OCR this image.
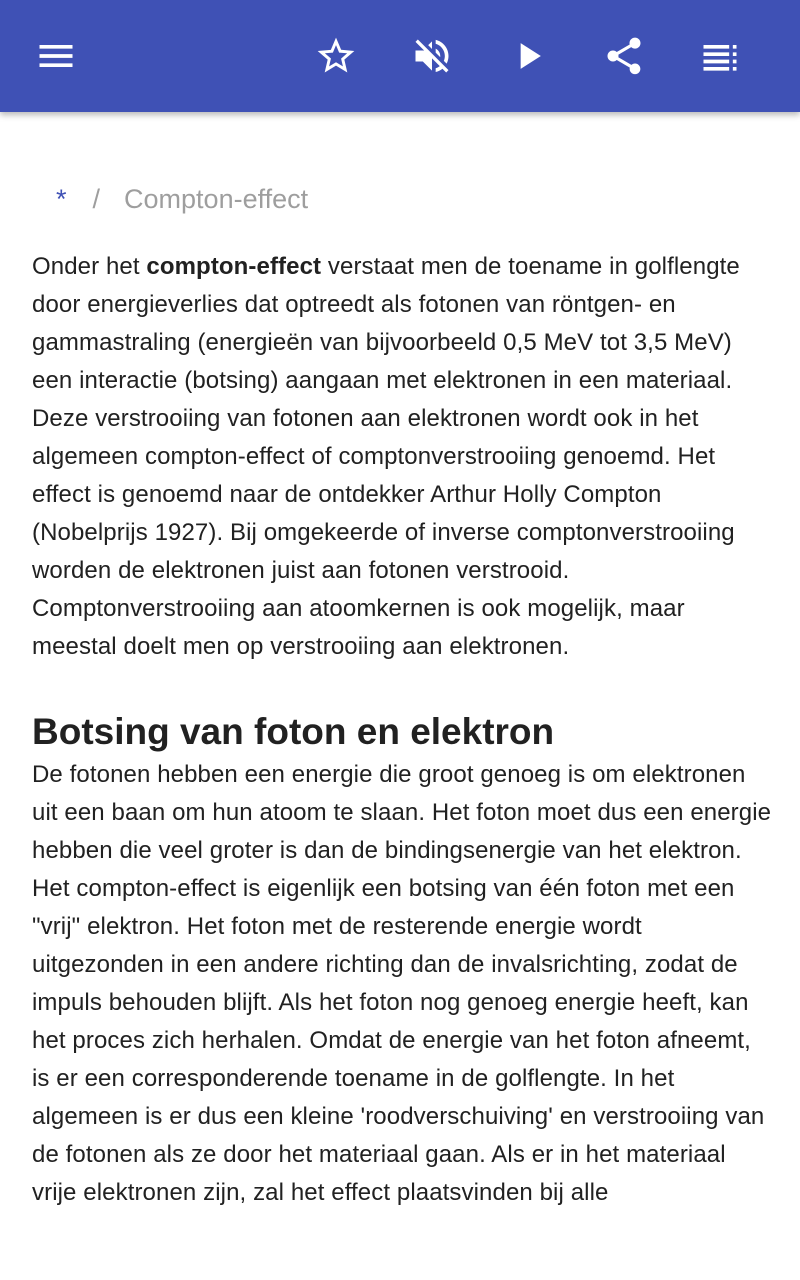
* / Compton-effect

Onder het compton-effect verstaat men de toename in golflengte door energieverlies dat optreedt als fotonen van röntgen- en gammastraling (energieën van bijvoorbeeld 0,5 MeV tot 3,5 MeV) een interactie (botsing) aangaan met elektronen in een materiaal. Deze verstrooiing van fotonen aan elektronen wordt ook in het algemeen compton-effect of comptonverstrooiing genoemd. Het effect is genoemd naar de ontdekker Arthur Holly Compton (Nobelprijs 1927). Bij omgekeerde of inverse comptonverstrooiing worden de elektronen juist aan fotonen verstrooid. Comptonverstrooiing aan atoomkernen is ook mogelijk, maar meestal doelt men op verstrooiing aan elektronen.

Botsing van foton en elektron

De fotonen hebben een energie die groot genoeg is om elektronen uit een baan om hun atoom te slaan. Het foton moet dus een energie hebben die veel groter is dan de bindingsenergie van het elektron. Het compton-effect is eigenlijk een botsing van één foton met een "vrij" elektron. Het foton met de resterende energie wordt uitgezonden in een andere richting dan de invalsrichting, zodat de impuls behouden blijft. Als het foton nog genoeg energie heeft, kan het proces zich herhalen. Omdat de energie van het foton afneemt, is er een corresponderende toename in de golflengte. In het algemeen is er dus een kleine 'roodverschuiving' en verstrooiing van de fotonen als ze door het materiaal gaan. Als er in het materiaal vrije elektronen zijn, zal het effect plaatsvinden bij alle
